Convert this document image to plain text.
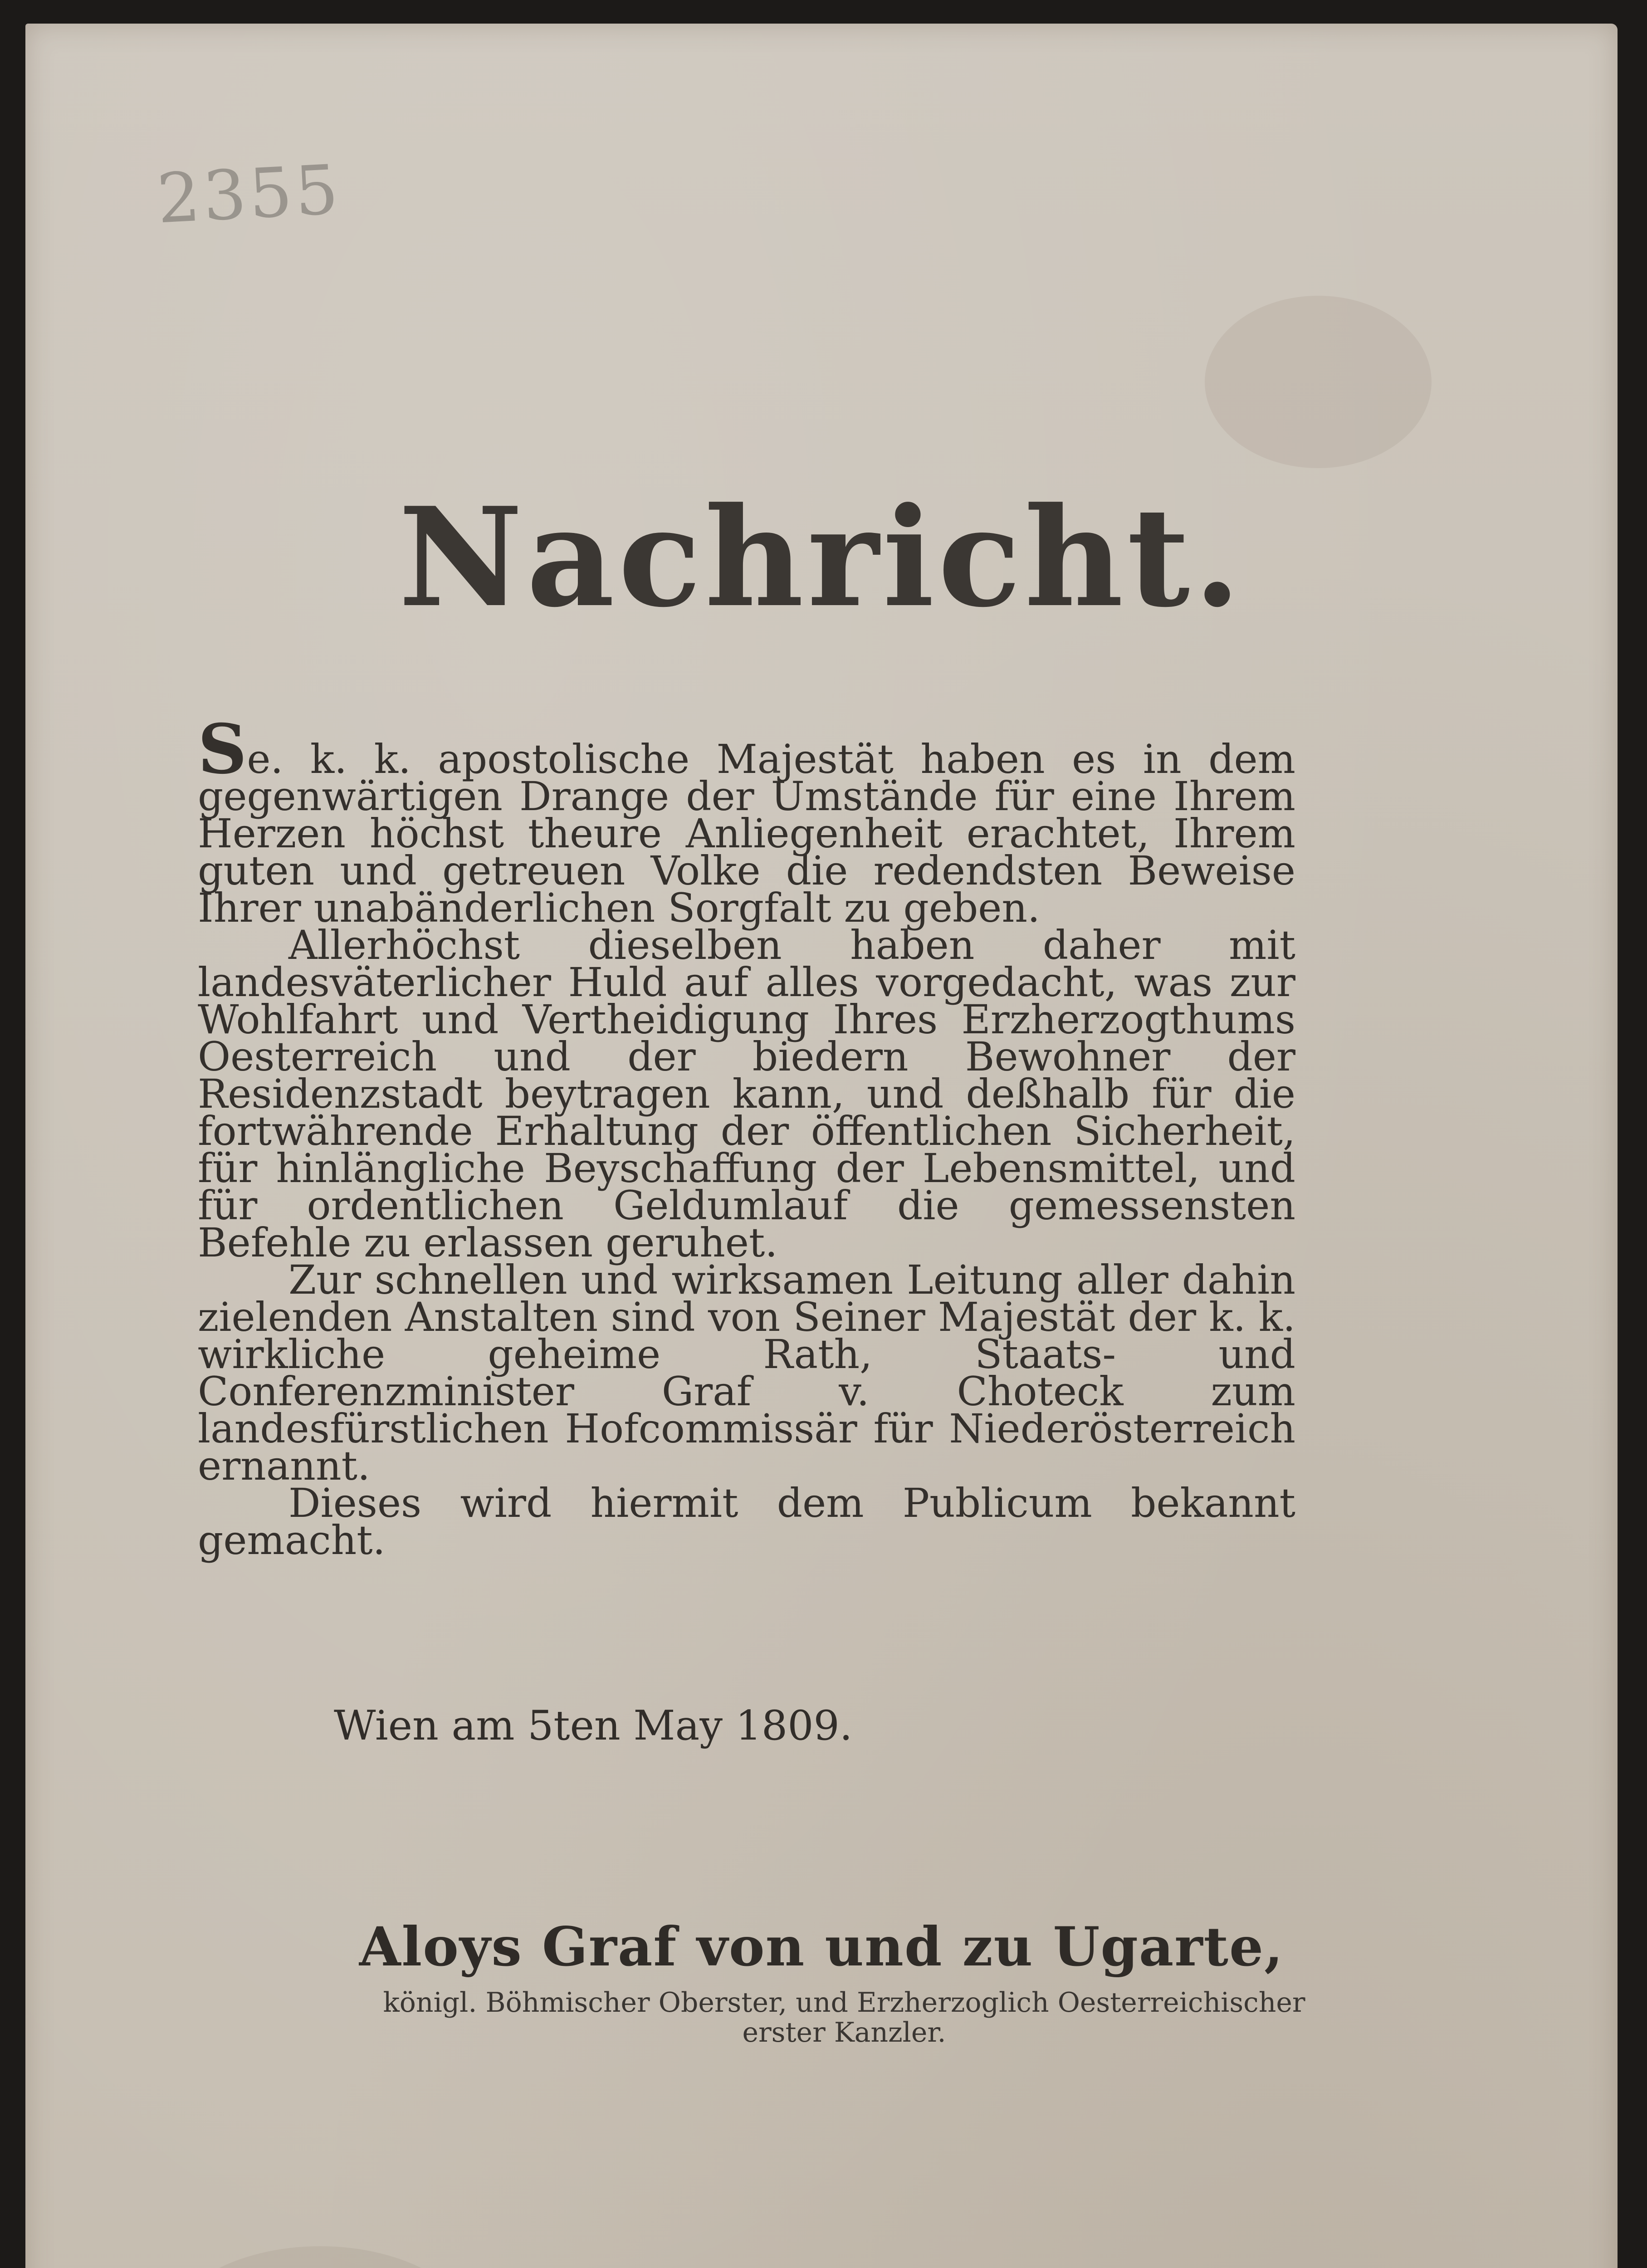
2355
Nachricht.

Se. k. k. apostolische Majestät haben es in dem gegenwärtigen Drange der Umstände für eine Ihrem Herzen höchst theure Anliegenheit erachtet, Ihrem guten und getreuen Volke die redendsten Beweise Ihrer unabänderlichen Sorgfalt zu geben.

Allerhöchst dieselben haben daher mit landesväterlicher Huld auf alles vorgedacht, was zur Wohlfahrt und Vertheidigung Ihres Erzherzogthums Oesterreich und der biedern Bewohner der Residenzstadt beytragen kann, und deßhalb für die fortwährende Erhaltung der öffentlichen Sicherheit, für hinlängliche Beyschaffung der Lebensmittel, und für ordentlichen Geldumlauf die gemessensten Befehle zu erlassen geruhet.

Zur schnellen und wirksamen Leitung aller dahin zielenden Anstalten sind von Seiner Majestät der k. k. wirkliche geheime Rath, Staats- und Conferenzminister Graf v. Choteck zum landesfürstlichen Hofcommissär für Niederösterreich ernannt.

Dieses wird hiermit dem Publicum bekannt gemacht.

Wien am 5ten May 1809.
Aloys Graf von und zu Ugarte,
königl. Böhmischer Oberster, und Erzherzoglich Oesterreichischer
erster Kanzler.
